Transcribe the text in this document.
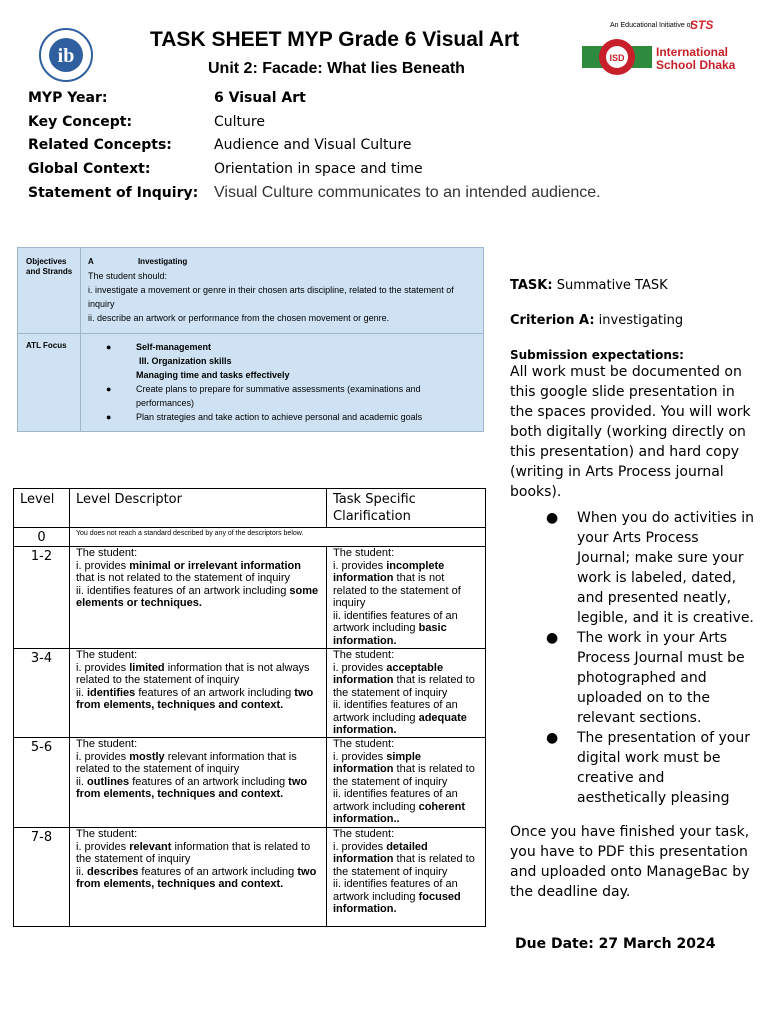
ib
TASK SHEET MYP Grade 6 Visual Art
Unit 2: Facade: What lies Beneath
An Educational Initiative of
STS
ISD	International
School Dhaka
MYP Year:	6 Visual Art
Key Concept:	Culture
Related Concepts:	Audience and Visual Culture
Global Context:	Orientation in space and time
Statement of Inquiry: Visual Culture communicates to an intended audience.
Objectives and Strands
A	Investigating
The student should:
i. investigate a movement or genre in their chosen arts discipline, related to the statement of inquiry
ii. describe an artwork or performance from the chosen movement or genre.
ATL Focus	●	Self-management
III. Organization skills
Managing time and tasks effectively
●	Create plans to prepare for summative assessments (examinations and performances)
●	Plan strategies and take action to achieve personal and academic goals
Level	Level Descriptor	Task Specific Clarification
0	You does not reach a standard described by any of the descriptors below.	
1-2	The student:
i. provides minimal or irrelevant information that is not related to the statement of inquiry
ii. identifies features of an artwork including some elements or techniques.	The student:
i. provides incomplete information that is not related to the statement of inquiry
ii. identifies features of an artwork including basic information.
3-4	The student:
i. provides limited information that is not always related to the statement of inquiry
ii. identifies features of an artwork including two from elements, techniques and context.	The student:
i. provides acceptable information that is related to the statement of inquiry
ii. identifies features of an artwork including adequate information.
5-6	The student:
i. provides mostly relevant information that is related to the statement of inquiry
ii. outlines features of an artwork including two from elements, techniques and context.	The student:
i. provides simple information that is related to the statement of inquiry
ii. identifies features of an artwork including coherent information..
7-8	The student:
i. provides relevant information that is related to the statement of inquiry
ii. describes features of an artwork including two from elements, techniques and context.	The student:
i. provides detailed information that is related to the statement of inquiry
ii. identifies features of an artwork including focused information.
TASK: Summative TASK
Criterion A: investigating
Submission expectations:
All work must be documented on this google slide presentation in the spaces provided. You will work both digitally (working directly on this presentation) and hard copy (writing in Arts Process journal books).
● When you do activities in your Arts Process Journal; make sure your work is labeled, dated, and presented neatly, legible, and it is creative.
● The work in your Arts Process Journal must be photographed and uploaded on to the relevant sections.
● The presentation of your digital work must be creative and aesthetically pleasing
Once you have finished your task, you have to PDF this presentation and uploaded onto ManageBac by the deadline day.
Due Date: 27 March 2024
